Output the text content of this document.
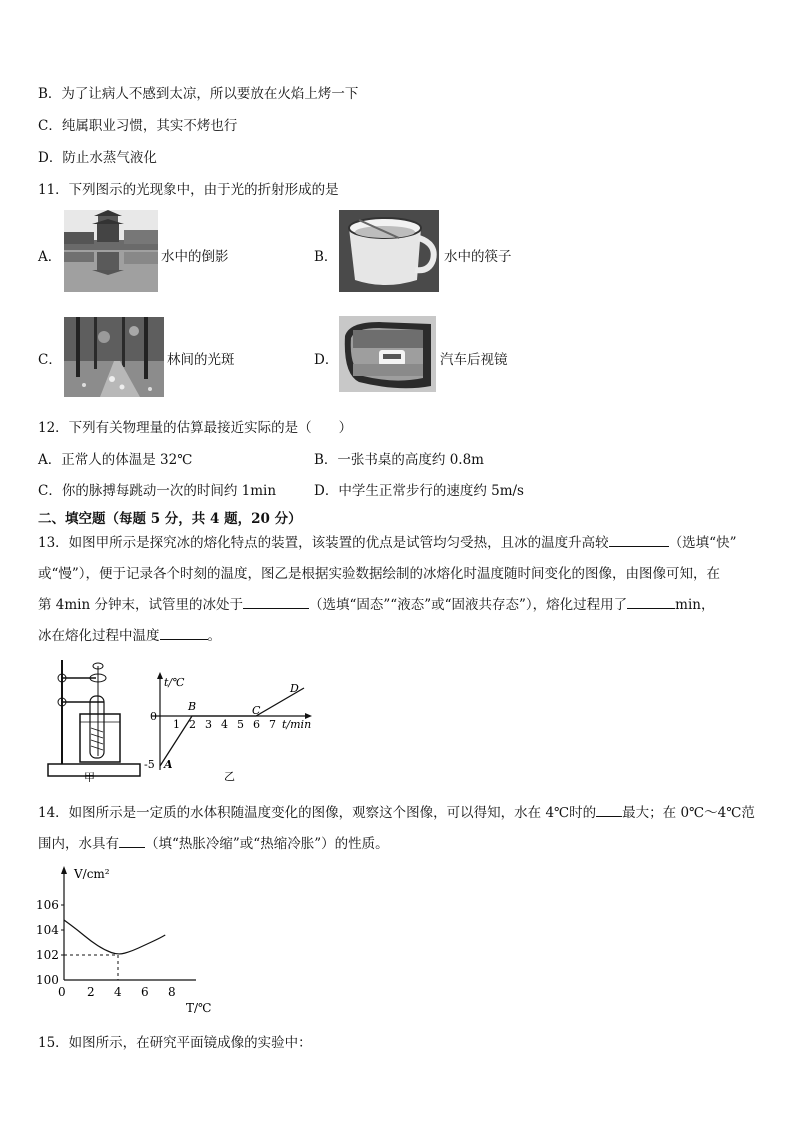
B．为了让病人不感到太凉，所以要放在火焰上烤一下
C．纯属职业习惯，其实不烤也行
D．防止水蒸气液化
11．下列图示的光现象中，由于光的折射形成的是
A．	水中的倒影	B．	水中的筷子
C．	林间的光斑	D．	汽车后视镜
12．下列有关物理量的估算最接近实际的是（　　）
A．正常人的体温是 32℃	B．一张书桌的高度约 0.8m
C．你的脉搏每跳动一次的时间约 1min	D．中学生正常步行的速度约 5m/s
二、填空题（每题 5 分，共 4 题，20 分）
13．如图甲所示是探究冰的熔化特点的装置，该装置的优点是试管均匀受热，且冰的温度升高较	（选填“快”
或“慢”），便于记录各个时刻的温度，图乙是根据实验数据绘制的冰熔化时温度随时间变化的图像，由图像可知，在
第 4min 分钟末，试管里的冰处于	（选填“固态”“液态”或“固液共存态”），熔化过程用了	min，
冰在熔化过程中温度	。
甲
t/℃
t/min
0
-5
1 2 3 4 5 6 7
A
B	C
D
乙
14．如图所示是一定质的水体积随温度变化的图像，观察这个图像，可以得知，水在 4℃时的 最大；在 0℃～4℃范
围内，水具有 （填“热胀冷缩”或“热缩冷胀”）的性质。
V/cm²
T/℃
106
104
102
100
0 2 4 6 8
15．如图所示，在研究平面镜成像的实验中：
